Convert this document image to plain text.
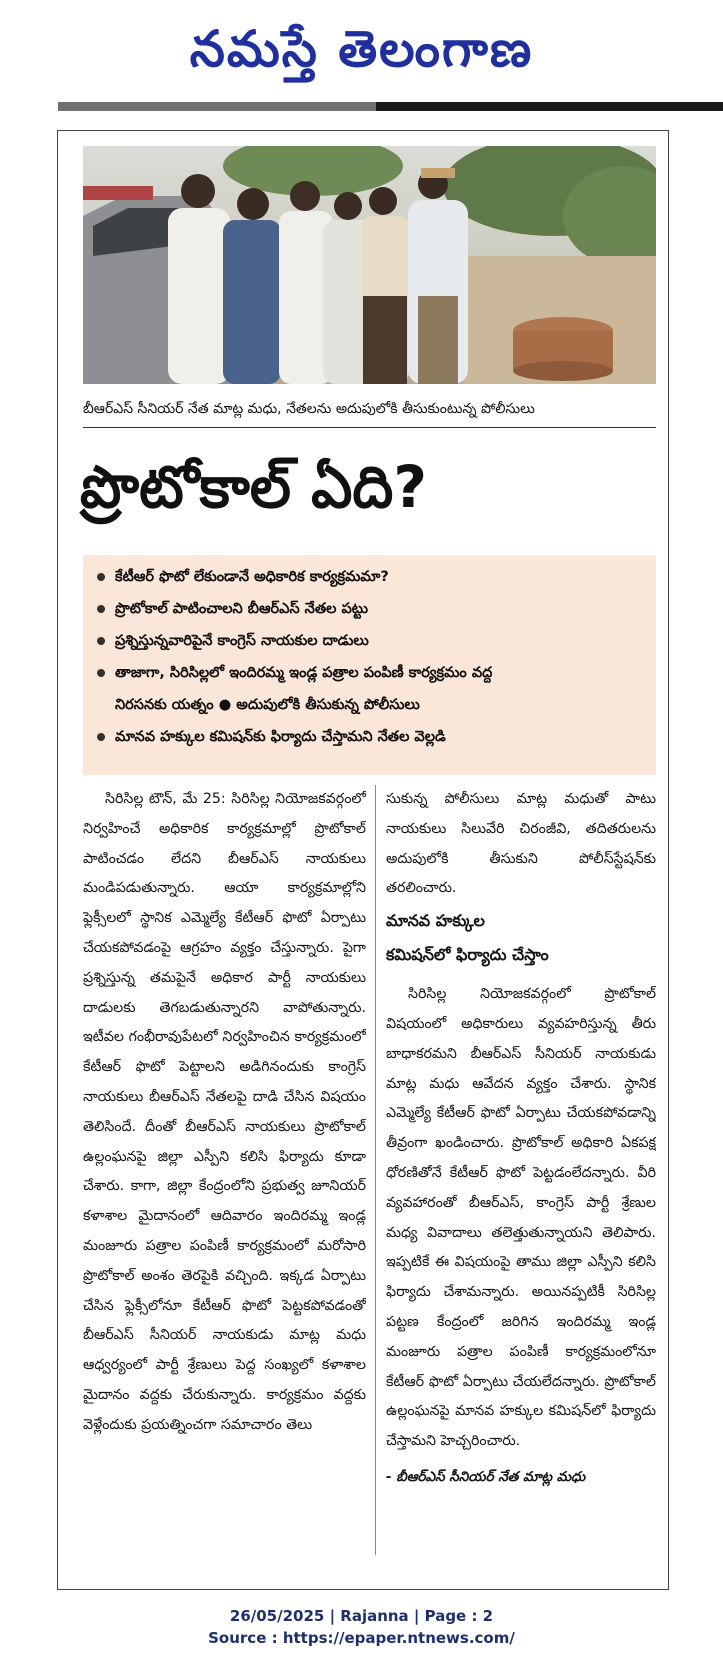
నమస్తే తెలంగాణ
బీఆర్‌ఎస్ సీనియర్ నేత మాట్ల మధు, నేతలను అదుపులోకి తీసుకుంటున్న పోలీసులు
ప్రొటోకాల్ ఏది?
కేటీఆర్ ఫొటో లేకుండానే అధికారిక కార్యక్రమమా?
ప్రొటోకాల్ పాటించాలని బీఆర్‌ఎస్ నేతల పట్టు
ప్రశ్నిస్తున్నవారిపైనే కాంగ్రెస్ నాయకుల దాడులు
తాజాగా, సిరిసిల్లలో ఇందిరమ్మ ఇండ్ల పత్రాల పంపిణీ కార్యక్రమం వద్ద
నిరసనకు యత్నం ● అదుపులోకి తీసుకున్న పోలీసులు
మానవ హక్కుల కమిషన్‌కు ఫిర్యాదు చేస్తామని నేతల వెల్లడి

సిరిసిల్ల టౌన్, మే 25: సిరిసిల్ల నియోజకవర్గంలో నిర్వహించే అధికారిక కార్యక్రమాల్లో ప్రొటోకాల్ పాటించడం లేదని బీఆర్‌ఎస్ నాయకులు మండిపడుతున్నారు. ఆయా కార్యక్రమాల్లోని ఫ్లెక్సీలలో స్థానిక ఎమ్మెల్యే కేటీఆర్ ఫొటో ఏర్పాటు చేయకపోవడంపై ఆగ్రహం వ్యక్తం చేస్తున్నారు. పైగా ప్రశ్నిస్తున్న తమపైనే అధికార పార్టీ నాయకులు దాడులకు తెగబడుతున్నారని వాపోతున్నారు. ఇటీవల గంభీరావుపేటలో నిర్వహించిన కార్యక్రమంలో కేటీఆర్ ఫొటో పెట్టాలని అడిగినందుకు కాంగ్రెస్ నాయకులు బీఆర్‌ఎస్ నేతలపై దాడి చేసిన విషయం తెలిసిందే. దీంతో బీఆర్‌ఎస్ నాయకులు ప్రొటోకాల్ ఉల్లంఘనపై జిల్లా ఎస్పీని కలిసి ఫిర్యాదు కూడా చేశారు. కాగా, జిల్లా కేంద్రంలోని ప్రభుత్వ జూనియర్ కళాశాల మైదానంలో ఆదివారం ఇందిరమ్మ ఇండ్ల మంజూరు పత్రాల పంపిణీ కార్యక్రమంలో మరోసారి ప్రొటోకాల్ అంశం తెరపైకి వచ్చింది. ఇక్కడ ఏర్పాటు చేసిన ఫ్లెక్సీలోనూ కేటీఆర్ ఫొటో పెట్టకపోవడంతో బీఆర్‌ఎస్ సీనియర్ నాయకుడు మాట్ల మధు ఆధ్వర్యంలో పార్టీ శ్రేణులు పెద్ద సంఖ్యలో కళాశాల మైదానం వద్దకు చేరుకున్నారు. కార్యక్రమం వద్దకు వెళ్లేందుకు ప్రయత్నించగా సమాచారం తెలు

సుకున్న పోలీసులు మాట్ల మధుతో పాటు నాయకులు సిలువేరి చిరంజీవి, తదితరులను అదుపులోకి తీసుకుని పోలీస్‌స్టేషన్‌కు తరలించారు.

మానవ హక్కుల

కమిషన్‌లో ఫిర్యాదు చేస్తాం

సిరిసిల్ల నియోజకవర్గంలో ప్రొటోకాల్ విషయంలో అధికారులు వ్యవహరిస్తున్న తీరు బాధాకరమని బీఆర్‌ఎస్ సీనియర్ నాయకుడు మాట్ల మధు ఆవేదన వ్యక్తం చేశారు. స్థానిక ఎమ్మెల్యే కేటీఆర్ ఫొటో ఏర్పాటు చేయకపోవడాన్ని తీవ్రంగా ఖండించారు. ప్రొటోకాల్ అధికారి ఏకపక్ష ధోరణితోనే కేటీఆర్ ఫొటో పెట్టడంలేదన్నారు. వీరి వ్యవహారంతో బీఆర్‌ఎస్, కాంగ్రెస్ పార్టీ శ్రేణుల మధ్య వివాదాలు తలెత్తుతున్నాయని తెలిపారు. ఇప్పటికే ఈ విషయంపై తాము జిల్లా ఎస్పీని కలిసి ఫిర్యాదు చేశామన్నారు. అయినప్పటికీ సిరిసిల్ల పట్టణ కేంద్రంలో జరిగిన ఇందిరమ్మ ఇండ్ల మంజూరు పత్రాల పంపిణీ కార్యక్రమంలోనూ కేటీఆర్ ఫొటో ఏర్పాటు చేయలేదన్నారు. ప్రొటోకాల్ ఉల్లంఘనపై మానవ హక్కుల కమిషన్‌లో ఫిర్యాదు చేస్తామని హెచ్చరించారు.

- బీఆర్‌ఎస్ సీనియర్ నేత మాట్ల మధు

26/05/2025 | Rajanna | Page : 2
Source : https://epaper.ntnews.com/
